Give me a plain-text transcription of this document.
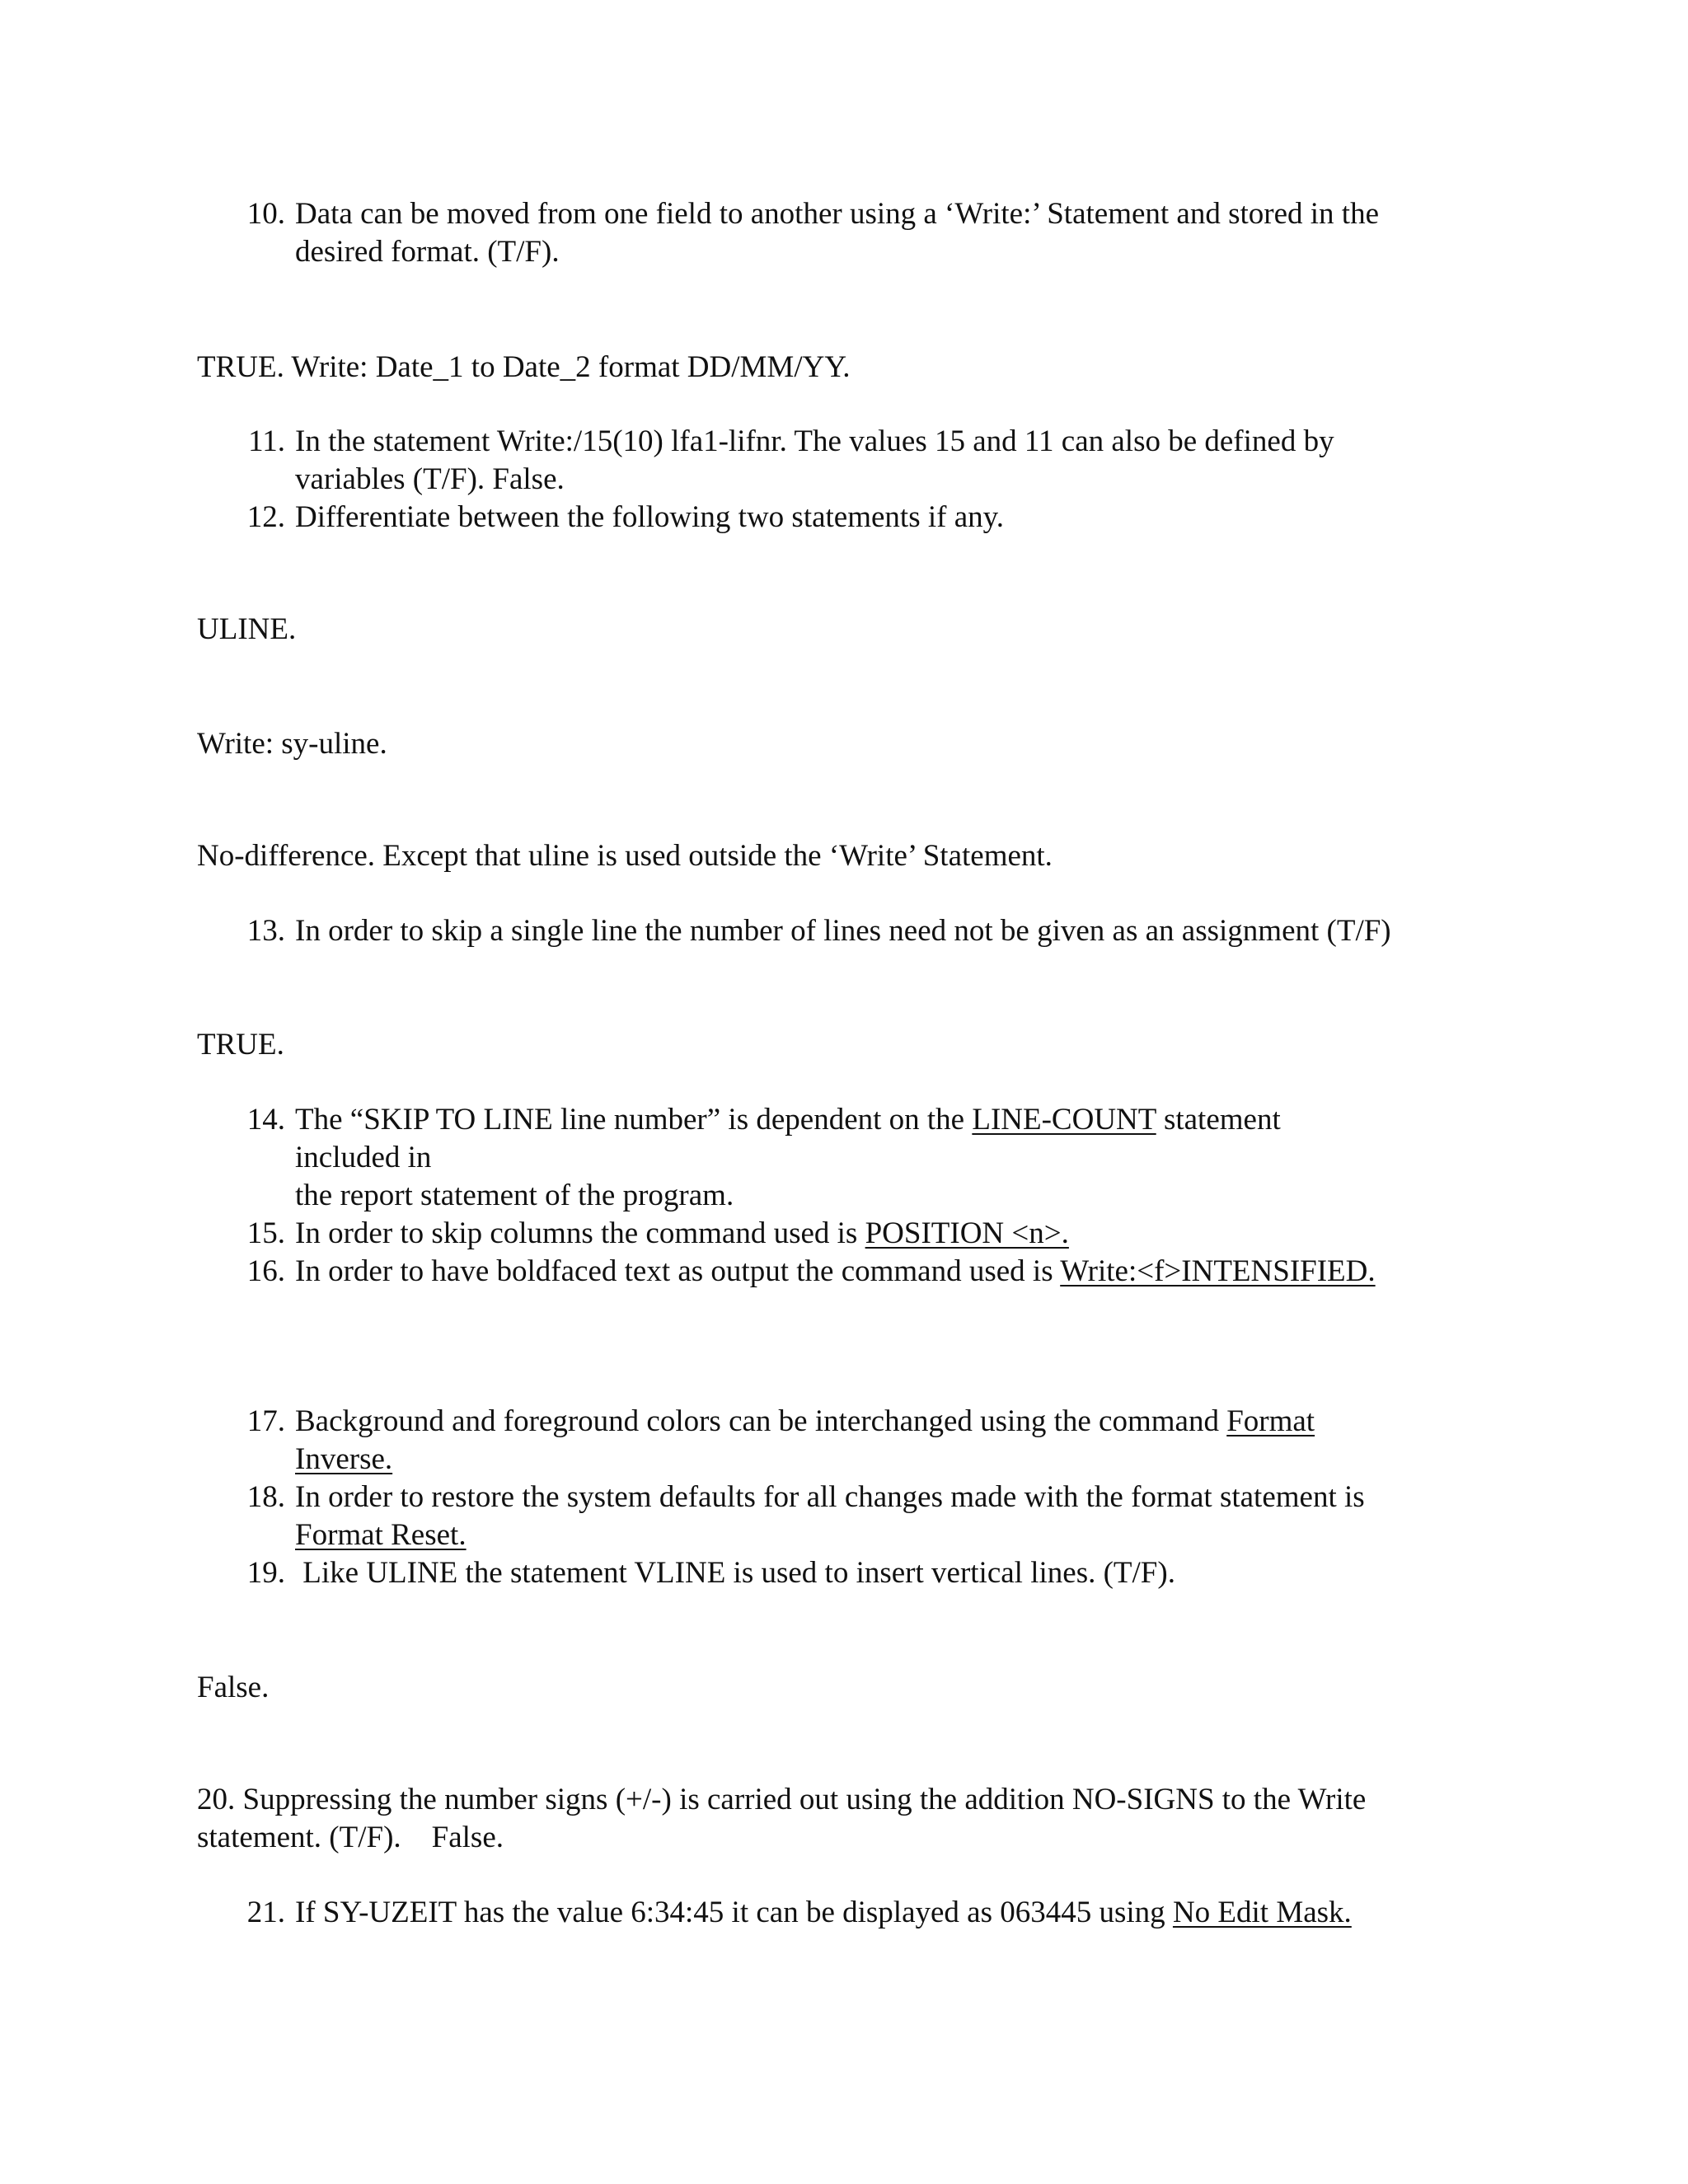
10. Data can be moved from one field to another using a ‘Write:’ Statement and stored in the
desired format. (T/F).
TRUE. Write: Date_1 to Date_2 format DD/MM/YY.
11. In the statement Write:/15(10) lfa1-lifnr. The values 15 and 11 can also be defined by
variables (T/F). False.
12. Differentiate between the following two statements if any.
ULINE.
Write: sy-uline.
No-difference. Except that uline is used outside the ‘Write’ Statement.
13. In order to skip a single line the number of lines need not be given as an assignment (T/F)
TRUE.
14. The “SKIP TO LINE line number” is dependent on the LINE-COUNT statement
included in
the report statement of the program.
15. In order to skip columns the command used is POSITION <n>.
16. In order to have boldfaced text as output the command used is Write:<f>INTENSIFIED.
17. Background and foreground colors can be interchanged using the command Format
Inverse.
18. In order to restore the system defaults for all changes made with the format statement is
Format Reset.
19. Like ULINE the statement VLINE is used to insert vertical lines. (T/F).
False.
20. Suppressing the number signs (+/-) is carried out using the addition NO-SIGNS to the Write
statement. (T/F).    False.
21. If SY-UZEIT has the value 6:34:45 it can be displayed as 063445 using No Edit Mask.
